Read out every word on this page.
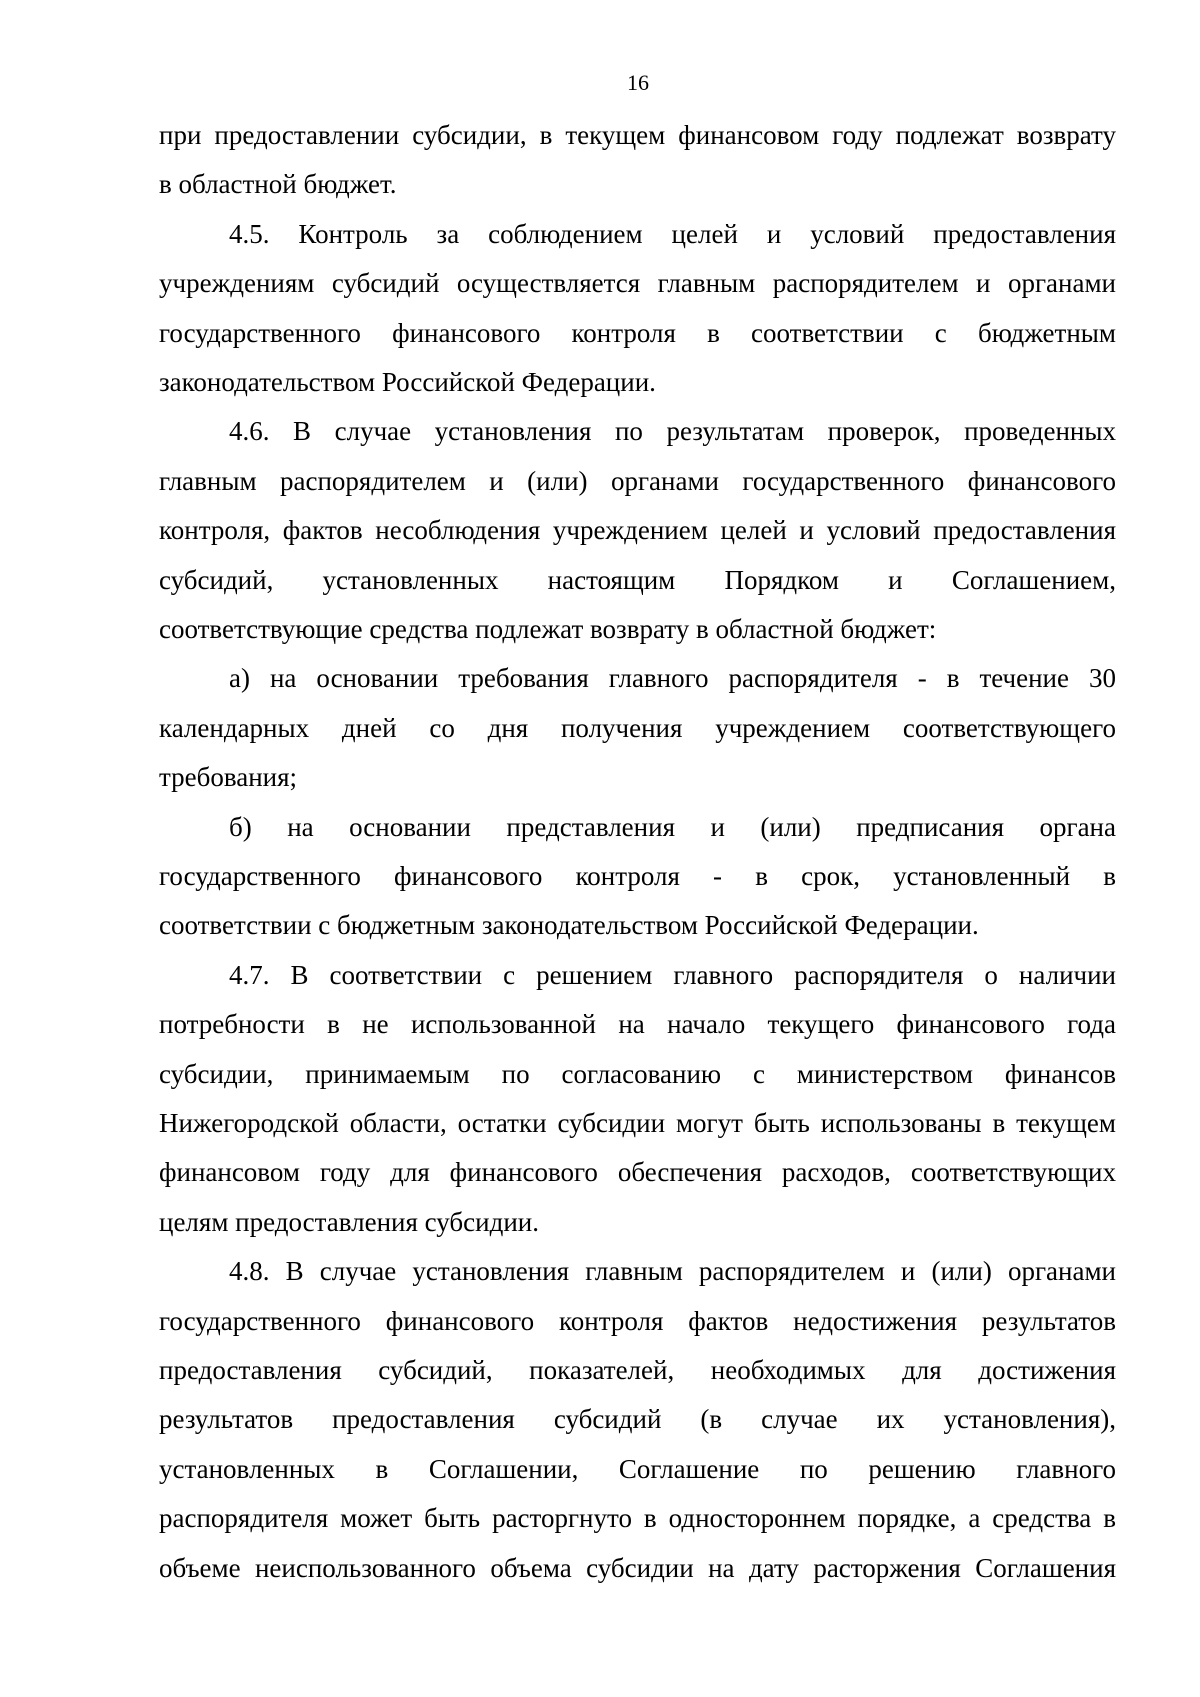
16
при предоставлении субсидии, в текущем финансовом году подлежат возврату
в областной бюджет.
4.5. Контроль за соблюдением целей и условий предоставления
учреждениям субсидий осуществляется главным распорядителем и органами
государственного финансового контроля в соответствии с бюджетным
законодательством Российской Федерации.
4.6. В случае установления по результатам проверок, проведенных
главным распорядителем и (или) органами государственного финансового
контроля, фактов несоблюдения учреждением целей и условий предоставления
субсидий, установленных настоящим Порядком и Соглашением,
соответствующие средства подлежат возврату в областной бюджет:
а) на основании требования главного распорядителя - в течение 30
календарных дней со дня получения учреждением соответствующего
требования;
б) на основании представления и (или) предписания органа
государственного финансового контроля - в срок, установленный в
соответствии с бюджетным законодательством Российской Федерации.
4.7. В соответствии с решением главного распорядителя о наличии
потребности в не использованной на начало текущего финансового года
субсидии, принимаемым по согласованию с министерством финансов
Нижегородской области, остатки субсидии могут быть использованы в текущем
финансовом году для финансового обеспечения расходов, соответствующих
целям предоставления субсидии.
4.8. В случае установления главным распорядителем и (или) органами
государственного финансового контроля фактов недостижения результатов
предоставления субсидий, показателей, необходимых для достижения
результатов предоставления субсидий (в случае их установления),
установленных в Соглашении, Соглашение по решению главного
распорядителя может быть расторгнуто в одностороннем порядке, а средства в
объеме неиспользованного объема субсидии на дату расторжения Соглашения
